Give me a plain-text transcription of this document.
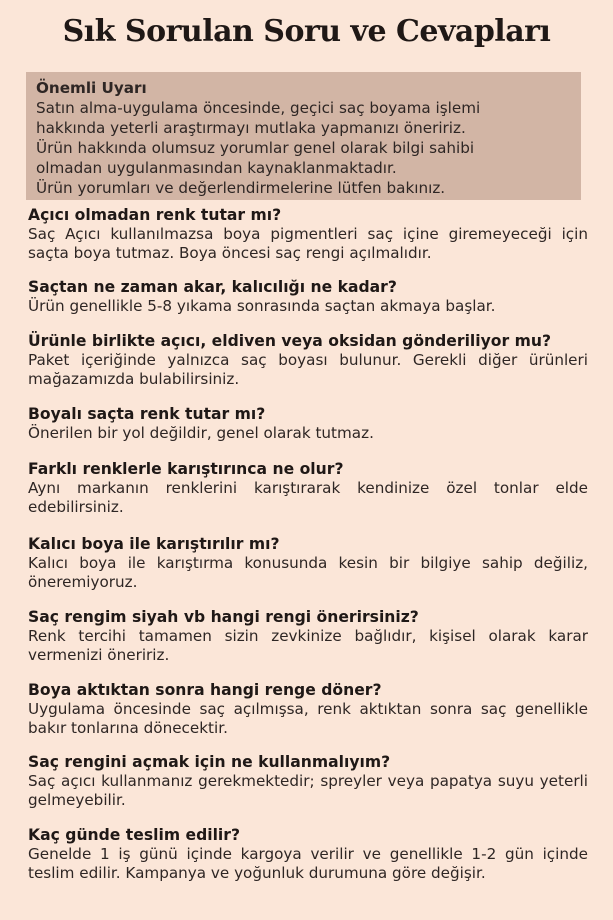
Sık Sorulan Soru ve Cevapları
Önemli Uyarı
Satın alma-uygulama öncesinde, geçici saç boyama işlemi
hakkında yeterli araştırmayı mutlaka yapmanızı öneririz.
Ürün hakkında olumsuz yorumlar genel olarak bilgi sahibi
olmadan uygulanmasından kaynaklanmaktadır.
Ürün yorumları ve değerlendirmelerine lütfen bakınız.
Açıcı olmadan renk tutar mı?
Saç Açıcı kullanılmazsa boya pigmentleri saç içine giremeyeceği için saçta boya tutmaz. Boya öncesi saç rengi açılmalıdır.
Saçtan ne zaman akar, kalıcılığı ne kadar?
Ürün genellikle 5-8 yıkama sonrasında saçtan akmaya başlar.
Ürünle birlikte açıcı, eldiven veya oksidan gönderiliyor mu?
Paket içeriğinde yalnızca saç boyası bulunur. Gerekli diğer ürünleri mağazamızda bulabilirsiniz.
Boyalı saçta renk tutar mı?
Önerilen bir yol değildir, genel olarak tutmaz.
Farklı renklerle karıştırınca ne olur?
Aynı markanın renklerini karıştırarak kendinize özel tonlar elde edebilirsiniz.
Kalıcı boya ile karıştırılır mı?
Kalıcı boya ile karıştırma konusunda kesin bir bilgiye sahip değiliz, öneremiyoruz.
Saç rengim siyah vb hangi rengi önerirsiniz?
Renk tercihi tamamen sizin zevkinize bağlıdır, kişisel olarak karar vermenizi öneririz.
Boya aktıktan sonra hangi renge döner?
Uygulama öncesinde saç açılmışsa, renk aktıktan sonra saç genellikle bakır tonlarına dönecektir.
Saç rengini açmak için ne kullanmalıyım?
Saç açıcı kullanmanız gerekmektedir; spreyler veya papatya suyu yeterli gelmeyebilir.
Kaç günde teslim edilir?
Genelde 1 iş günü içinde kargoya verilir ve genellikle 1-2 gün içinde teslim edilir. Kampanya ve yoğunluk durumuna göre değişir.
